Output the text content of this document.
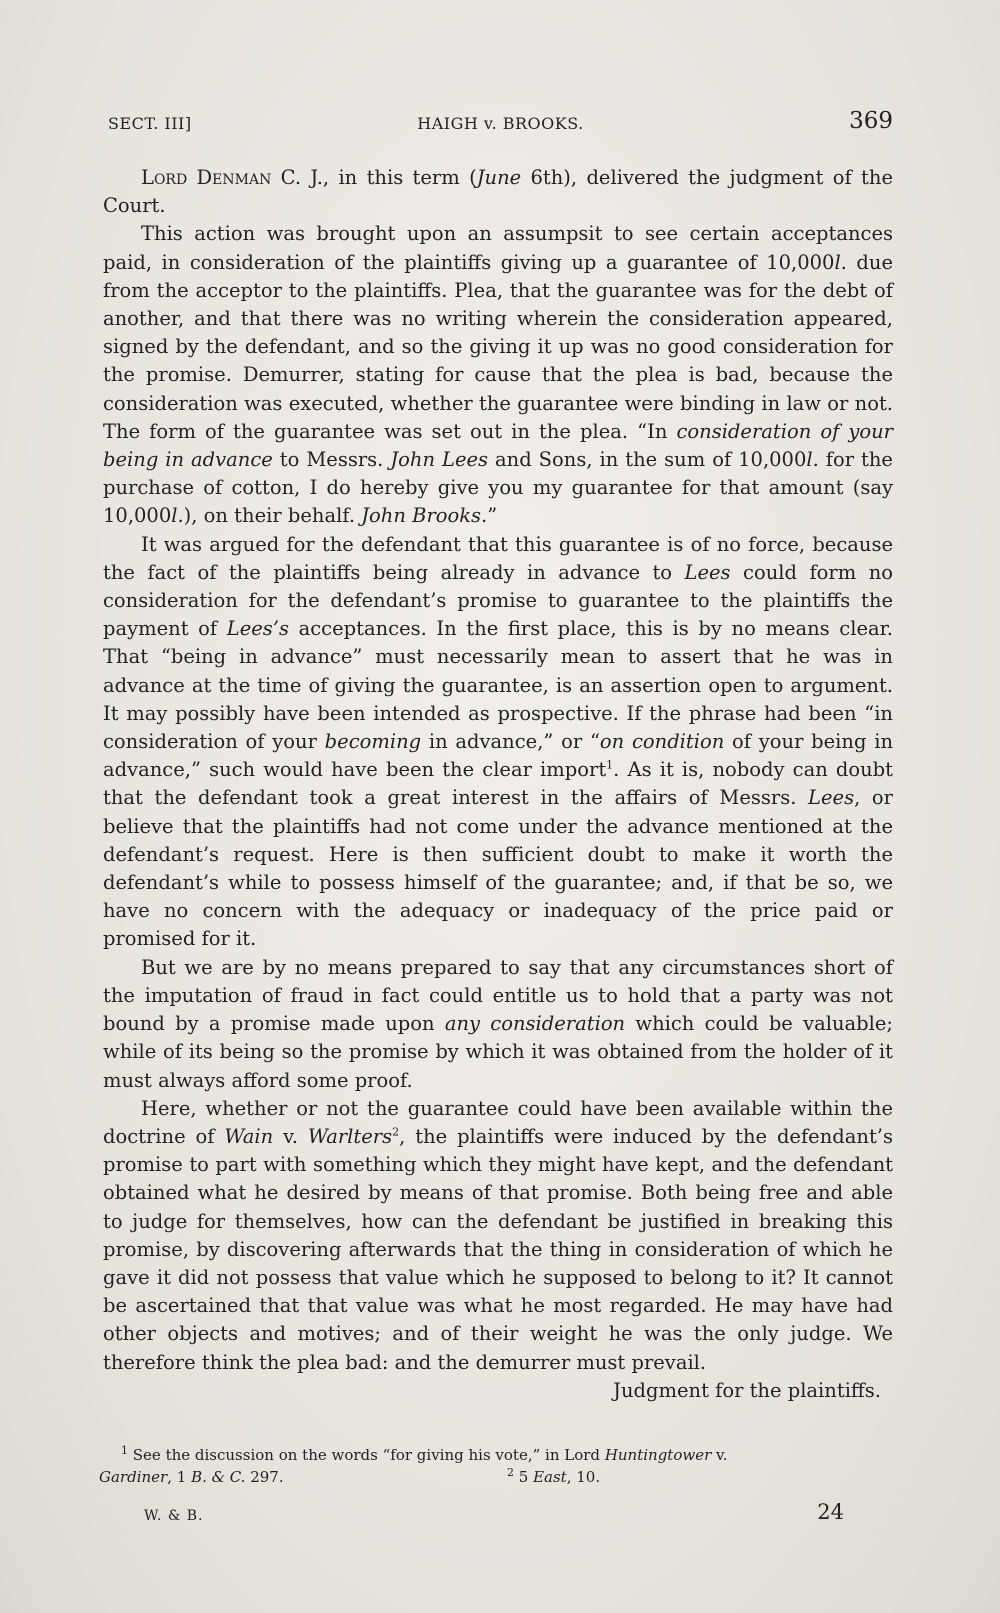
SECT. III]	HAIGH v. BROOKS.	369

Lord Denman C. J., in this term (June 6th), delivered the judgment of the Court.

This action was brought upon an assumpsit to see certain acceptances paid, in consideration of the plaintiffs giving up a guarantee of 10,000l. due from the acceptor to the plaintiffs. Plea, that the guarantee was for the debt of another, and that there was no writing wherein the consideration appeared, signed by the defendant, and so the giving it up was no good consideration for the promise. Demurrer, stating for cause that the plea is bad, because the consideration was executed, whether the guarantee were binding in law or not. The form of the guarantee was set out in the plea. “In consideration of your being in advance to Messrs. John Lees and Sons, in the sum of 10,000l. for the purchase of cotton, I do hereby give you my guarantee for that amount (say 10,000l.), on their behalf. John Brooks.”

It was argued for the defendant that this guarantee is of no force, because the fact of the plaintiffs being already in advance to Lees could form no consideration for the defendant’s promise to guarantee to the plaintiffs the payment of Lees’s acceptances. In the first place, this is by no means clear. That “being in advance” must necessarily mean to assert that he was in advance at the time of giving the guarantee, is an assertion open to argument. It may possibly have been intended as prospective. If the phrase had been “in consideration of your becoming in advance,” or “on condition of your being in advance,” such would have been the clear import$^1$. As it is, nobody can doubt that the defendant took a great interest in the affairs of Messrs. Lees, or believe that the plaintiffs had not come under the advance mentioned at the defendant’s request. Here is then sufficient doubt to make it worth the defendant’s while to possess himself of the guarantee; and, if that be so, we have no concern with the adequacy or inadequacy of the price paid or promised for it.

But we are by no means prepared to say that any circumstances short of the imputation of fraud in fact could entitle us to hold that a party was not bound by a promise made upon any consideration which could be valuable; while of its being so the promise by which it was obtained from the holder of it must always afford some proof.

Here, whether or not the guarantee could have been available within the doctrine of Wain v. Warlters$^2$, the plaintiffs were induced by the defendant’s promise to part with something which they might have kept, and the defendant obtained what he desired by means of that promise. Both being free and able to judge for themselves, how can the defendant be justified in breaking this promise, by discovering afterwards that the thing in consideration of which he gave it did not possess that value which he supposed to belong to it? It cannot be ascertained that that value was what he most regarded. He may have had other objects and motives; and of their weight he was the only judge. We therefore think the plea bad: and the demurrer must prevail.

Judgment for the plaintiffs.

$^1$ See the discussion on the words “for giving his vote,” in Lord Huntingtower v.
Gardiner, 1 B. & C. 297.	$^2$ 5 East, 10.
W. & B.	24
